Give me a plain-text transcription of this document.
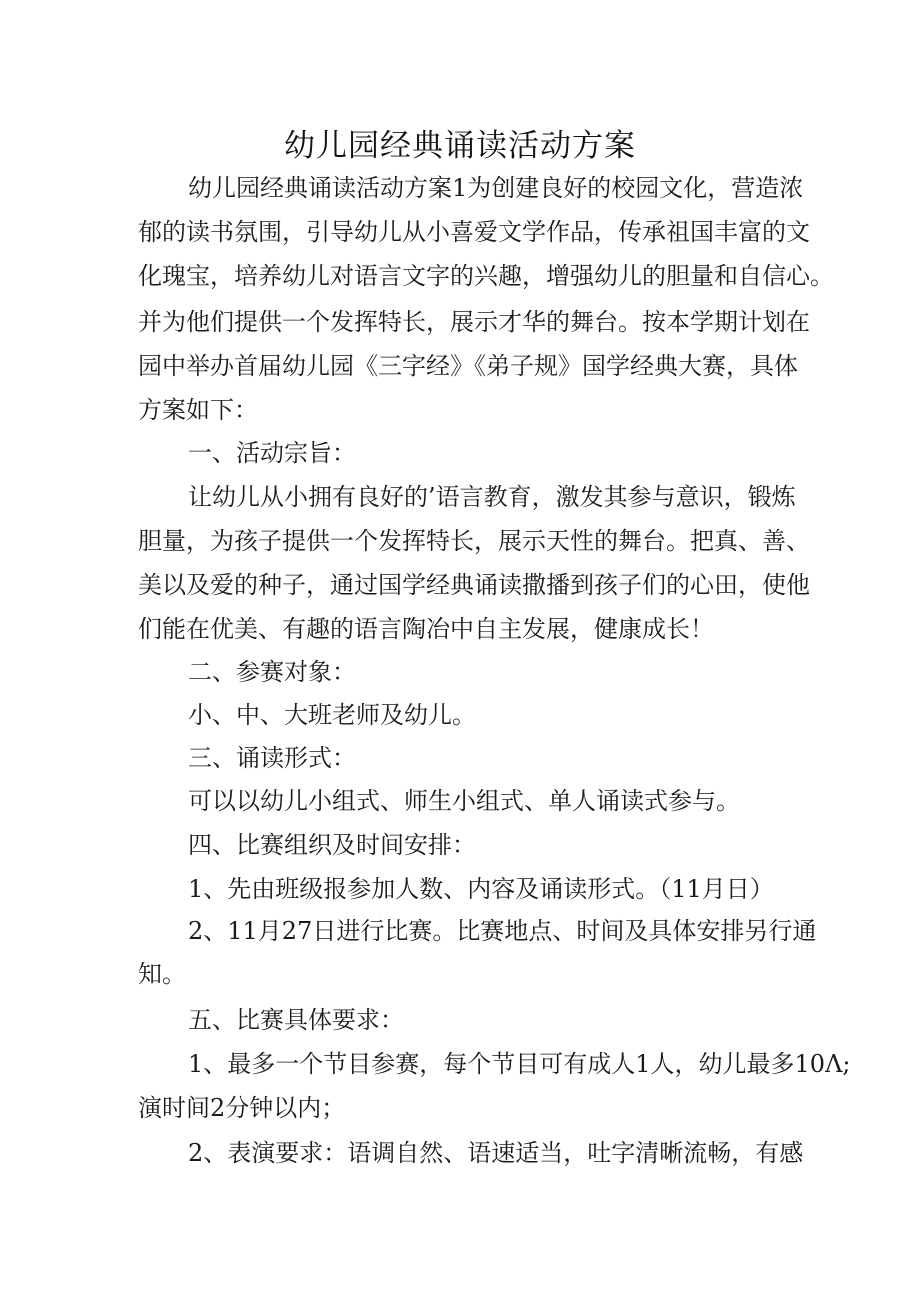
幼儿园经典诵读活动方案
幼儿园经典诵读活动方案1为创建良好的校园文化，营造浓
郁的读书氛围，引导幼儿从小喜爱文学作品，传承祖国丰富的文
化瑰宝，培养幼儿对语言文字的兴趣，增强幼儿的胆量和自信心。
并为他们提供一个发挥特长，展示才华的舞台。按本学期计划在
园中举办首届幼儿园《三字经》《弟子规》国学经典大赛，具体
方案如下：
一、活动宗旨：
让幼儿从小拥有良好的’语言教育，激发其参与意识，锻炼
胆量，为孩子提供一个发挥特长，展示天性的舞台。把真、善、
美以及爱的种子，通过国学经典诵读撒播到孩子们的心田，使他
们能在优美、有趣的语言陶冶中自主发展，健康成长！
二、参赛对象：
小、中、大班老师及幼儿。
三、诵读形式：
可以以幼儿小组式、师生小组式、单人诵读式参与。
四、比赛组织及时间安排：
1、先由班级报参加人数、内容及诵读形式。（11月日）
2、11月27日进行比赛。比赛地点、时间及具体安排另行通
知。
五、比赛具体要求：
1、最多一个节目参赛，每个节目可有成人1人，幼儿最多10Λ;
演时间2分钟以内；
2、表演要求：语调自然、语速适当，吐字清晰流畅，有感
